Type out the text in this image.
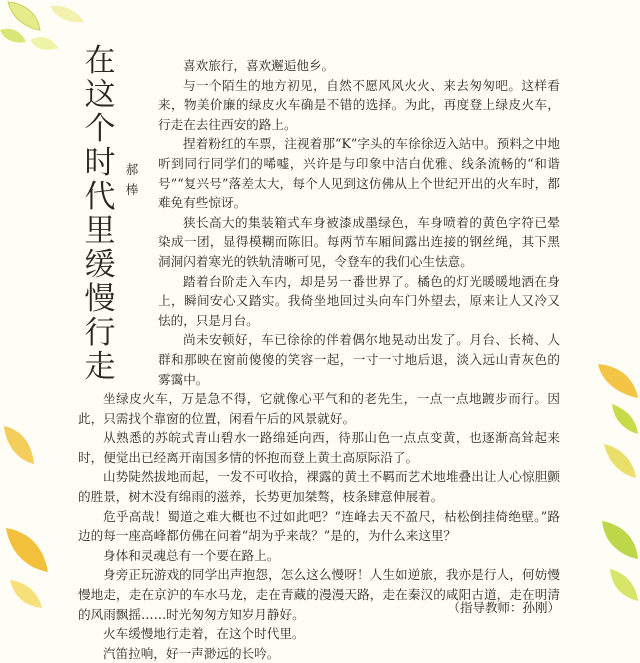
在
这
个
时
代
里
缓
慢
行
走
郝
棒

喜欢旅行，喜欢邂逅他乡。

与一个陌生的地方初见，自然不愿风风火火、来去匆匆吧。这样看来，物美价廉的绿皮火车确是不错的选择。为此，再度登上绿皮火车，行走在去往西安的路上。

捏着粉红的车票，注视着那“K”字头的车徐徐迈入站中。预料之中地听到同行同学们的唏嘘，兴许是与印象中洁白优雅、线条流畅的“和谐号”“复兴号”落差太大，每个人见到这仿佛从上个世纪开出的火车时，都难免有些惊讶。

狭长高大的集装箱式车身被漆成墨绿色，车身喷着的黄色字符已晕染成一团，显得模糊而陈旧。每两节车厢间露出连接的钢丝绳，其下黑洞洞闪着寒光的铁轨清晰可见，令登车的我们心生怯意。

踏着台阶走入车内，却是另一番世界了。橘色的灯光暖暖地洒在身上，瞬间安心又踏实。我倚坐地回过头向车门外望去，原来让人又冷又怯的，只是月台。

尚未安顿好，车已徐徐的伴着偶尔地晃动出发了。月台、长椅、人群和那映在窗前傻傻的笑容一起，一寸一寸地后退，淡入远山青灰色的雾霭中。

坐绿皮火车，万是急不得，它就像心平气和的老先生，一点一点地踱步而行。因此，只需找个靠窗的位置，闲看午后的风景就好。

从熟悉的苏皖式青山碧水一路绵延向西，待那山色一点点变黄，也逐渐高耸起来时，便觉出已经离开南国多情的怀抱而登上黄土高原际沿了。

山势陡然拔地而起，一发不可收拾，裸露的黄土不羁而艺术地堆叠出让人心惊胆颤的胜景，树木没有绵雨的滋养，长势更加桀骜，枝条肆意伸展着。

危乎高哉！蜀道之难大概也不过如此吧？“连峰去天不盈尺，枯松倒挂倚绝壁。”路边的每一座高峰都仿佛在问着“胡为乎来哉？”是的，为什么来这里？

身体和灵魂总有一个要在路上。

身旁正玩游戏的同学出声抱怨，怎么这么慢呀！人生如逆旅，我亦是行人，何妨慢慢地走，走在京沪的车水马龙，走在青藏的漫漫天路，走在秦汉的咸阳古道，走在明清的风雨飘摇……时光匆匆方知岁月静好。

火车缓慢地行走着，在这个时代里。

汽笛拉响，好一声渺远的长吟。

（指导教师：孙刚）
